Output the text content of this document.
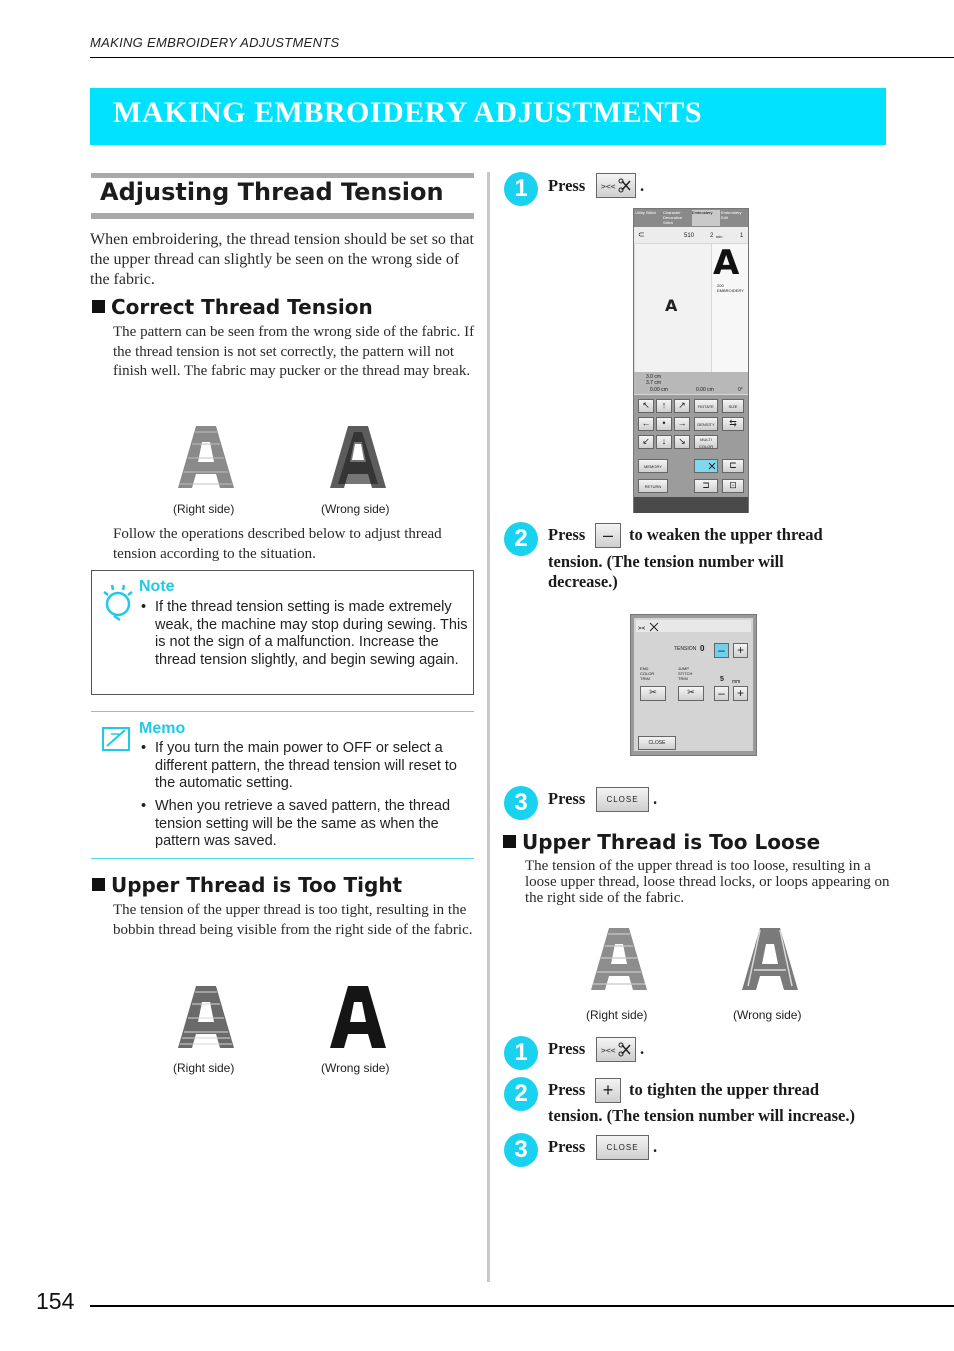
MAKING EMBROIDERY ADJUSTMENTS
MAKING EMBROIDERY ADJUSTMENTS
Adjusting Thread Tension
When embroidering, the thread tension should be set so that the upper thread can slightly be seen on the wrong side of the fabric.
Correct Thread Tension
The pattern can be seen from the wrong side of the fabric. If the thread tension is not set correctly, the pattern will not finish well. The fabric may pucker or the thread may break.
(Right side)	(Wrong side)
Follow the operations described below to adjust thread tension according to the situation.
Note
• If the thread tension setting is made extremely weak, the machine may stop during sewing. This is not the sign of a malfunction. Increase the thread tension slightly, and begin sewing again.
Memo
• If you turn the main power to OFF or select a different pattern, the thread tension will reset to the automatic setting.
• When you retrieve a saved pattern, the thread tension setting will be the same as when the pattern was saved.
Upper Thread is Too Tight
The tension of the upper thread is too tight, resulting in the bobbin thread being visible from the right side of the fabric.
(Right side)	(Wrong side)
1	Press ><< .
Utility Stitch	Character Decorative Stitch
Embroidery	Embroidery Edit
⊂	510	2 min	1
A
A
200
EMBROIDERY
3.0 cm
3.7 cm
0.00 cm	0.00 cm	0°
↖	↑	↗	ROTATE	SIZE
←	•	→	DENSITY	⇆
↙	↓	↘	MULTI COLOR
MEMORY	⊏
RETURN	⊐	⊡
2	Press – to weaken the upper thread
tension. (The tension number will decrease.)
><
TENSION 0	–	+
END COLOR TRIM
JUMP STITCH TRIM	5 mm
✂	✂	–	+
CLOSE
3	Press	CLOSE .
Upper Thread is Too Loose
The tension of the upper thread is too loose, resulting in a loose upper thread, loose thread locks, or loops appearing on the right side of the fabric.
(Right side)	(Wrong side)
1	Press ><< .
2	Press + to tighten the upper thread
tension. (The tension number will increase.)
3	Press	CLOSE .
154
